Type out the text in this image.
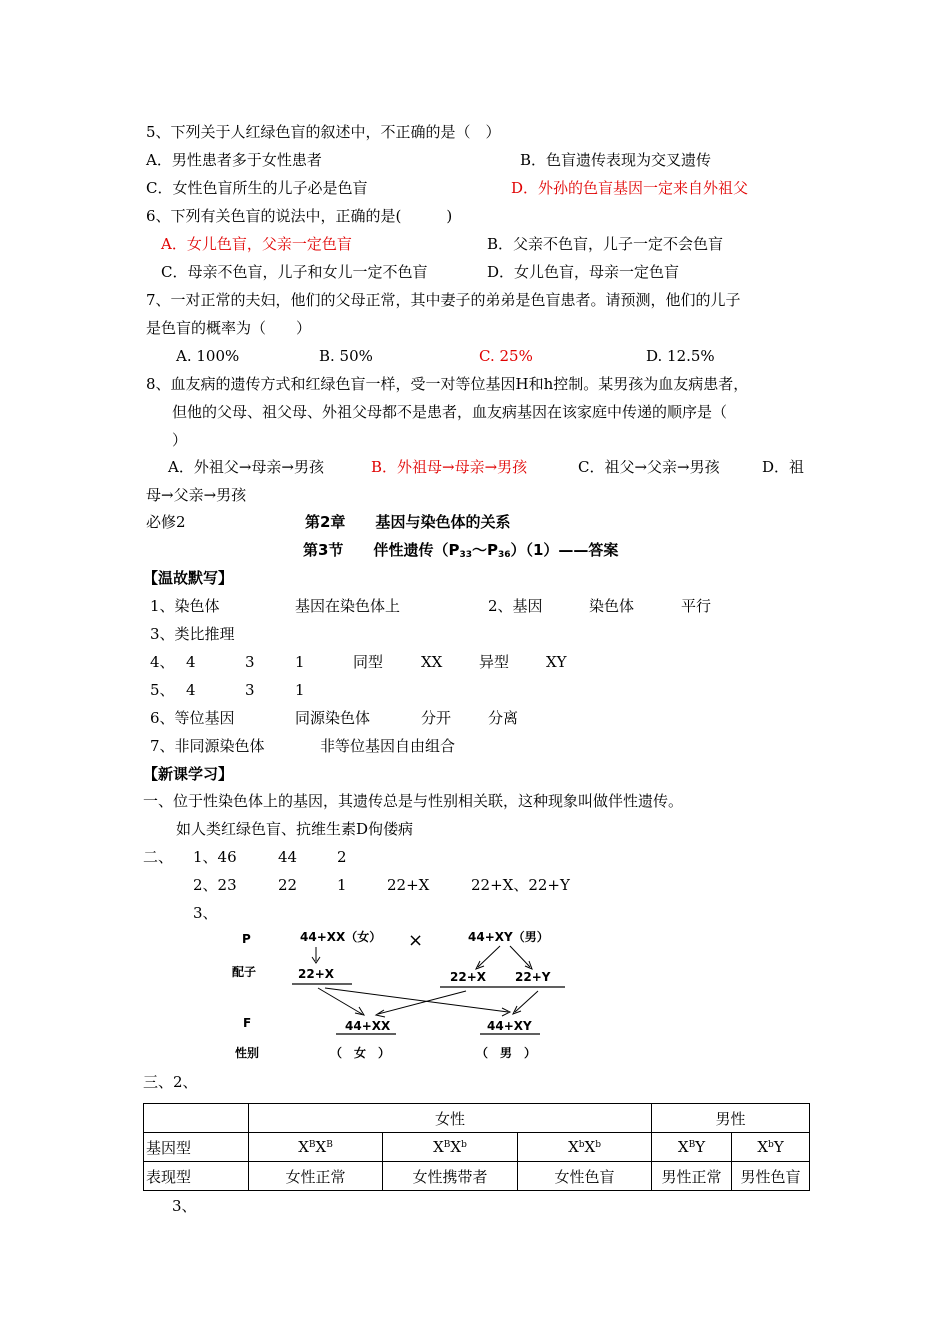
5、下列关于人红绿色盲的叙述中，不正确的是（　）
A．男性患者多于女性患者	B．色盲遗传表现为交叉遗传
C．女性色盲所生的儿子必是色盲	D．外孙的色盲基因一定来自外祖父
6、下列有关色盲的说法中，正确的是(　　　)
A．女儿色盲，父亲一定色盲	B．父亲不色盲，儿子一定不会色盲
C．母亲不色盲，儿子和女儿一定不色盲	D．女儿色盲，母亲一定色盲
7、一对正常的夫妇，他们的父母正常，其中妻子的弟弟是色盲患者。请预测，他们的儿子
是色盲的概率为（　　）
A. 100%	B. 50%	C. 25%	D. 12.5%
8、血友病的遗传方式和红绿色盲一样，受一对等位基因H和h控制。某男孩为血友病患者，
但他的父母、祖父母、外祖父母都不是患者，血友病基因在该家庭中传递的顺序是（
）
A．外祖父→母亲→男孩	B．外祖母→母亲→男孩	C．祖父→父亲→男孩	D．祖
母→父亲→男孩
必修2	第2章　　基因与染色体的关系
第3节　　伴性遗传$(P_{33}\sim P_{36})(1)——$答案
【温故默写】
1、染色体	基因在染色体上	2、基因	染色体	平行
3、类比推理
4、 4	3	1	同型	XX 异型 XY
5、 4	3	1
6、等位基因	同源染色体	分开 分离
7、非同源染色体	非等位基因自由组合
【新课学习】
一、位于性染色体上的基因，其遗传总是与性别相关联，这种现象叫做伴性遗传。
如人类红绿色盲、抗维生素D佝偻病
二、 1、46	44	2
2、23	22	1	22+X	22+X、22+Y
3、
P	44+XX（女） ×	44+XY（男）
配子	22+X	22+X 22+Y
F	44+XX	44+XY
性别	（　女　）	（　男　）
三、2、
	女性			男性	
基因型	$X^BX^B$	$X^BX^b$	$X^bX^b$	$X^BY$	$X^bY$
表现型	女性正常	女性携带者	女性色盲	男性正常	男性色盲
3、
